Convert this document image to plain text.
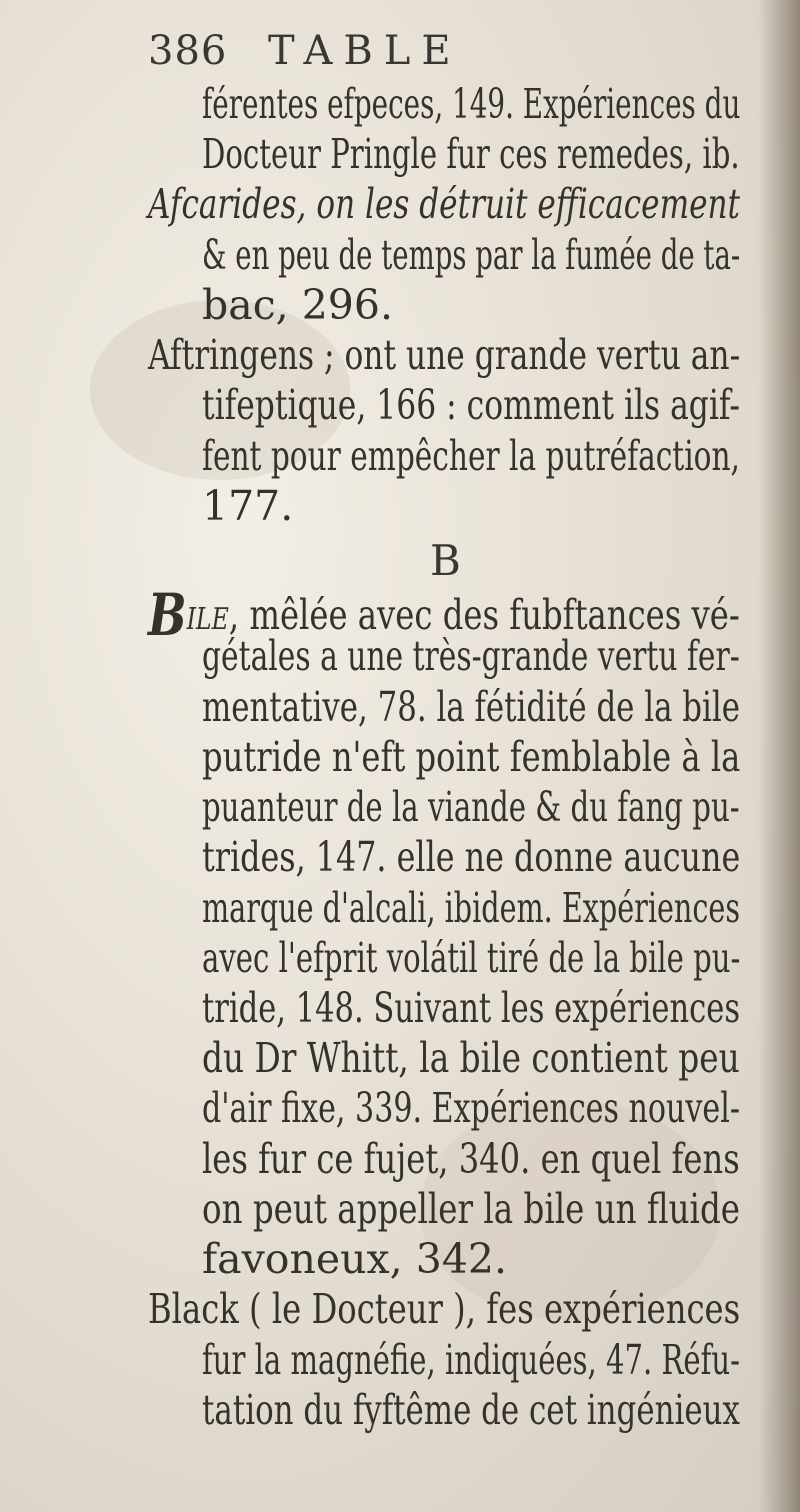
386 TABLE
férentes efpeces, 149. Expériences du
Docteur Pringle fur ces remedes, ib.
Afcarides, on les détruit efficacement
& en peu de temps par la fumée de ta-
bac, 296.
Aftringens ; ont une grande vertu an-
tifeptique, 166 : comment ils agif-
fent pour empêcher la putréfaction,
177.
B
BILE, mêlée avec des fubftances vé-
gétales a une très-grande vertu fer-
mentative, 78. la fétidité de la bile
putride n'eft point femblable à la
puanteur de la viande & du fang pu-
trides, 147. elle ne donne aucune
marque d'alcali, ibidem. Expériences
avec l'efprit volátil tiré de la bile pu-
tride, 148. Suivant les expériences
du Dr Whitt, la bile contient peu
d'air fixe, 339. Expériences nouvel-
les fur ce fujet, 340. en quel fens
on peut appeller la bile un fluide
favoneux, 342.
Black ( le Docteur ), fes expériences
fur la magnéfie, indiquées, 47. Réfu-
tation du fyftême de cet ingénieux
